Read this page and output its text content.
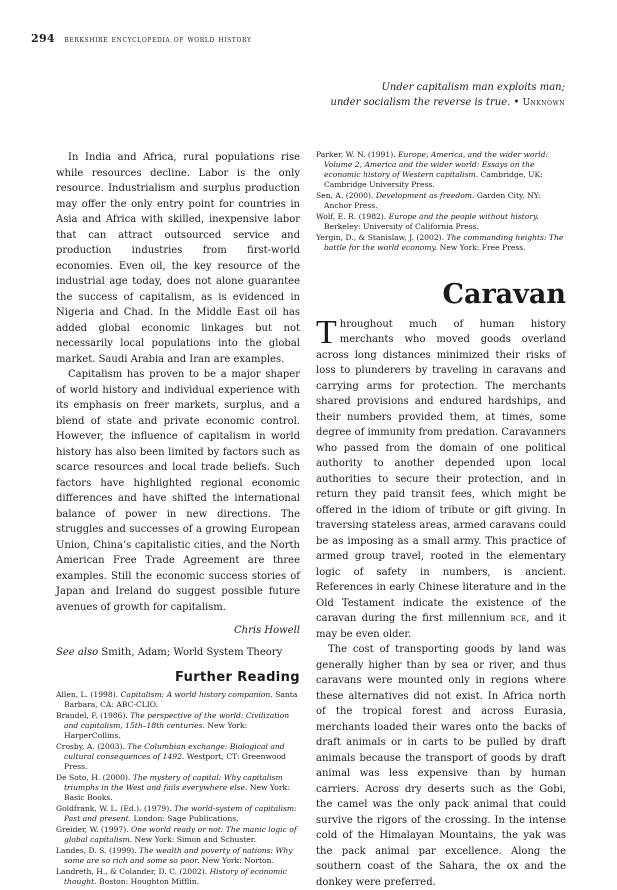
294 berkshire encyclopedia of world history
Under capitalism man exploits man;
under socialism the reverse is true. • Unknown

In India and Africa, rural populations rise while resources decline. Labor is the only resource. Industrialism and surplus production may offer the only entry point for countries in Asia and Africa with skilled, inexpensive labor that can attract outsourced service and production industries from first-world economies. Even oil, the key resource of the industrial age today, does not alone guarantee the success of capitalism, as is evidenced in Nigeria and Chad. In the Middle East oil has added global economic linkages but not necessarily local populations into the global market. Saudi Arabia and Iran are examples.

Capitalism has proven to be a major shaper of world history and individual experience with its emphasis on freer markets, surplus, and a blend of state and private economic control. However, the influence of capitalism in world history has also been limited by factors such as scarce resources and local trade beliefs. Such factors have highlighted regional economic differences and have shifted the international balance of power in new directions. The struggles and successes of a growing European Union, China’s capitalistic cities, and the North American Free Trade Agreement are three examples. Still the economic success stories of Japan and Ireland do suggest possible future avenues of growth for capitalism.

Chris Howell

See also Smith, Adam; World System Theory

Further Reading
Allen, L. (1998). Capitalism: A world history companion. Santa Barbara, CA: ABC-CLIO.
Braudel, F. (1986). The perspective of the world: Civilization and capitalism, 15th–18th centuries. New York: HarperCollins.
Crosby, A. (2003). The Columbian exchange: Biological and cultural consequences of 1492. Westport, CT: Greenwood Press.
De Soto, H. (2000). The mystery of capital: Why capitalism triumphs in the West and fails everywhere else. New York: Basic Books.
Goldfrank, W. L. (Ed.). (1979). The world-system of capitalism: Past and present. London: Sage Publications.
Greider, W. (1997). One world ready or not: The manic logic of global capitalism. New York: Simon and Schuster.
Landes, D. S. (1999). The wealth and poverty of nations: Why some are so rich and some so poor. New York: Norton.
Landreth, H., & Colander, D. C. (2002). History of economic thought. Boston: Houghton Mifflin.
Parker, W. N. (1991). Europe, America, and the wider world: Volume 2, America and the wider world: Essays on the economic history of Western capitalism. Cambridge, UK: Cambridge University Press.
Sen, A. (2000). Development as freedom. Garden City, NY: Anchor Press.
Wolf, E. R. (1982). Europe and the people without history. Berkeley: University of California Press.
Yergin, D., & Stanislaw, J. (2002). The commanding heights: The battle for the world economy. New York: Free Press.
Caravan

Throughout much of human history merchants who moved goods overland across long distances minimized their risks of loss to plunderers by traveling in caravans and carrying arms for protection. The merchants shared provisions and endured hardships, and their numbers provided them, at times, some degree of immunity from predation. Caravanners who passed from the domain of one political authority to another depended upon local authorities to secure their protection, and in return they paid transit fees, which might be offered in the idiom of tribute or gift giving. In traversing stateless areas, armed caravans could be as imposing as a small army. This practice of armed group travel, rooted in the elementary logic of safety in numbers, is ancient. References in early Chinese literature and in the Old Testament indicate the existence of the caravan during the first millennium bce, and it may be even older.

The cost of transporting goods by land was generally higher than by sea or river, and thus caravans were mounted only in regions where these alternatives did not exist. In Africa north of the tropical forest and across Eurasia, merchants loaded their wares onto the backs of draft animals or in carts to be pulled by draft animals because the transport of goods by draft animal was less expensive than by human carriers. Across dry deserts such as the Gobi, the camel was the only pack animal that could survive the rigors of the crossing. In the intense cold of the Himalayan Mountains, the yak was the pack animal par excellence. Along the southern coast of the Sahara, the ox and the donkey were preferred.
